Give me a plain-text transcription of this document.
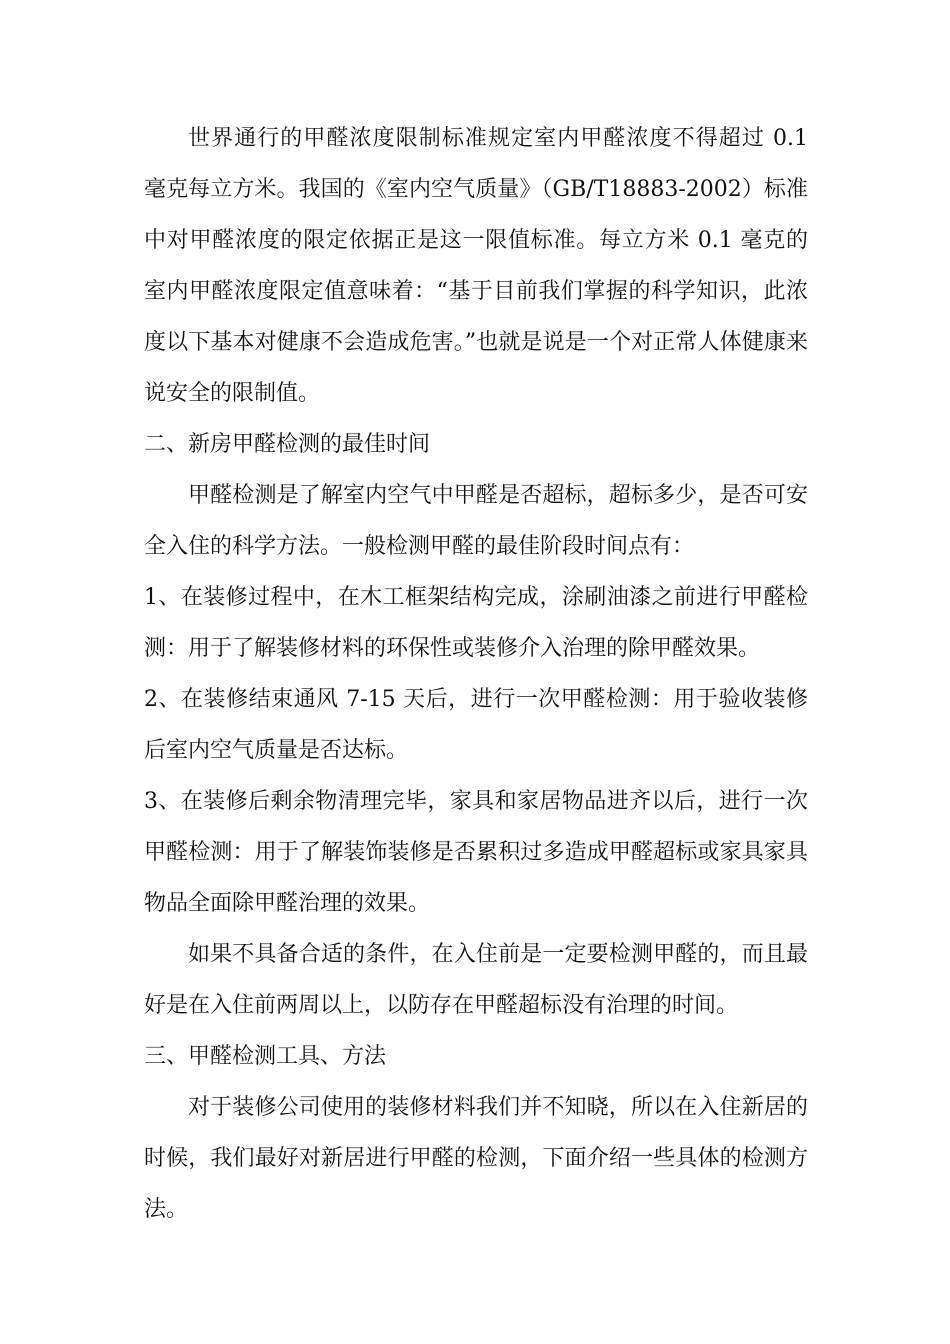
世界通行的甲醛浓度限制标准规定室内甲醛浓度不得超过 0.1 毫克每立方米。我国的《室内空气质量》（GB/T18883-2002）标准中对甲醛浓度的限定依据正是这一限值标准。每立方米 0.1 毫克的室内甲醛浓度限定值意味着：“基于目前我们掌握的科学知识，此浓度以下基本对健康不会造成危害。”也就是说是一个对正常人体健康来说安全的限制值。

二、新房甲醛检测的最佳时间

甲醛检测是了解室内空气中甲醛是否超标，超标多少，是否可安全入住的科学方法。一般检测甲醛的最佳阶段时间点有：

1、在装修过程中，在木工框架结构完成，涂刷油漆之前进行甲醛检测：用于了解装修材料的环保性或装修介入治理的除甲醛效果。

2、在装修结束通风 7-15 天后，进行一次甲醛检测：用于验收装修后室内空气质量是否达标。

3、在装修后剩余物清理完毕，家具和家居物品进齐以后，进行一次甲醛检测：用于了解装饰装修是否累积过多造成甲醛超标或家具家具物品全面除甲醛治理的效果。

如果不具备合适的条件，在入住前是一定要检测甲醛的，而且最好是在入住前两周以上，以防存在甲醛超标没有治理的时间。

三、甲醛检测工具、方法

对于装修公司使用的装修材料我们并不知晓，所以在入住新居的时候，我们最好对新居进行甲醛的检测，下面介绍一些具体的检测方法。
